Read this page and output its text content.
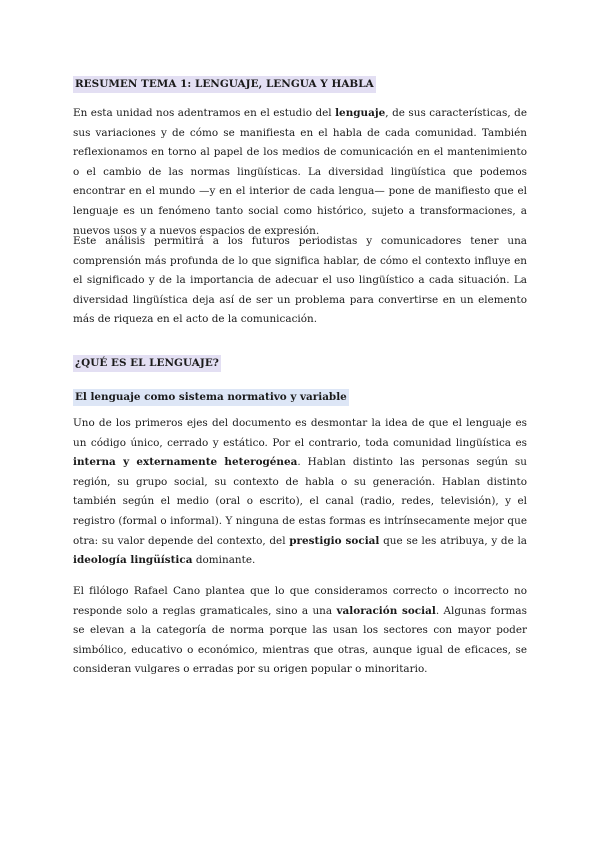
RESUMEN TEMA 1: LENGUAJE, LENGUA Y HABLA

En esta unidad nos adentramos en el estudio del lenguaje, de sus características, de sus variaciones y de cómo se manifiesta en el habla de cada comunidad. También reflexionamos en torno al papel de los medios de comunicación en el mantenimiento o el cambio de las normas lingüísticas. La diversidad lingüística que podemos encontrar en el mundo —y en el interior de cada lengua— pone de manifiesto que el lenguaje es un fenómeno tanto social como histórico, sujeto a transformaciones, a nuevos usos y a nuevos espacios de expresión.

Este análisis permitirá a los futuros periodistas y comunicadores tener una comprensión más profunda de lo que significa hablar, de cómo el contexto influye en el significado y de la importancia de adecuar el uso lingüístico a cada situación. La diversidad lingüística deja así de ser un problema para convertirse en un elemento más de riqueza en el acto de la comunicación.

¿QUÉ ES EL LENGUAJE?
El lenguaje como sistema normativo y variable

Uno de los primeros ejes del documento es desmontar la idea de que el lenguaje es un código único, cerrado y estático. Por el contrario, toda comunidad lingüística es interna y externamente heterogénea. Hablan distinto las personas según su región, su grupo social, su contexto de habla o su generación. Hablan distinto también según el medio (oral o escrito), el canal (radio, redes, televisión), y el registro (formal o informal). Y ninguna de estas formas es intrínsecamente mejor que otra: su valor depende del contexto, del prestigio social que se les atribuya, y de la ideología lingüística dominante.

El filólogo Rafael Cano plantea que lo que consideramos correcto o incorrecto no responde solo a reglas gramaticales, sino a una valoración social. Algunas formas se elevan a la categoría de norma porque las usan los sectores con mayor poder simbólico, educativo o económico, mientras que otras, aunque igual de eficaces, se consideran vulgares o erradas por su origen popular o minoritario.
